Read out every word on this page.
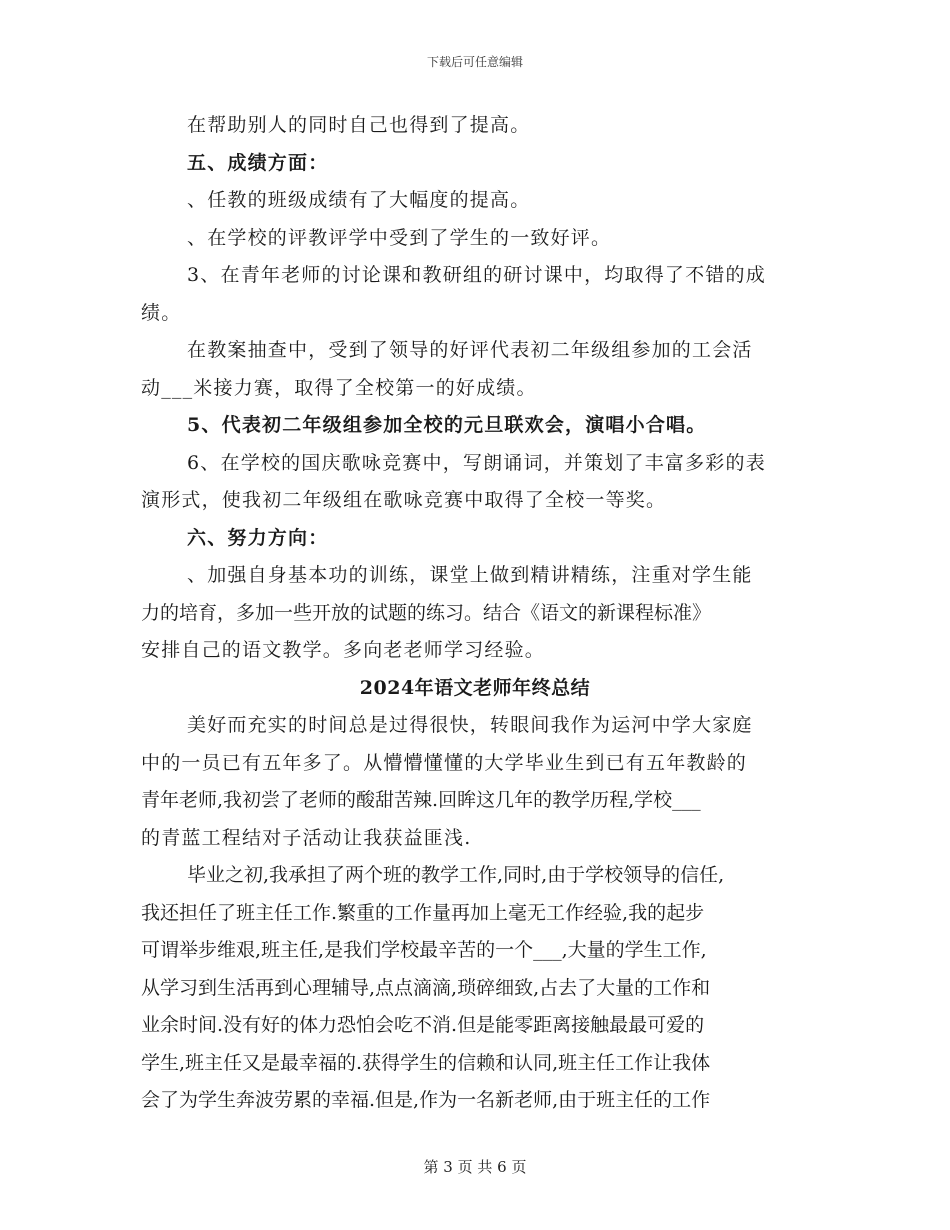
下载后可任意编辑
在帮助别人的同时自己也得到了提高。
五、成绩方面：
、任教的班级成绩有了大幅度的提高。
、在学校的评教评学中受到了学生的一致好评。
3、在青年老师的讨论课和教研组的研讨课中，均取得了不错的成
绩。
在教案抽查中，受到了领导的好评代表初二年级组参加的工会活
动___米接力赛，取得了全校第一的好成绩。
5、代表初二年级组参加全校的元旦联欢会，演唱小合唱。
6、在学校的国庆歌咏竞赛中，写朗诵词，并策划了丰富多彩的表
演形式，使我初二年级组在歌咏竞赛中取得了全校一等奖。
六、努力方向：
、加强自身基本功的训练，课堂上做到精讲精练，注重对学生能
力的培育，多加一些开放的试题的练习。结合《语文的新课程标准》
安排自己的语文教学。多向老老师学习经验。
2024年语文老师年终总结
美好而充实的时间总是过得很快，转眼间我作为运河中学大家庭
中的一员已有五年多了。从懵懵懂懂的大学毕业生到已有五年教龄的
青年老师,我初尝了老师的酸甜苦辣.回眸这几年的教学历程,学校___
的青蓝工程结对子活动让我获益匪浅.
毕业之初,我承担了两个班的教学工作,同时,由于学校领导的信任,
我还担任了班主任工作.繁重的工作量再加上毫无工作经验,我的起步
可谓举步维艰,班主任,是我们学校最辛苦的一个___,大量的学生工作,
从学习到生活再到心理辅导,点点滴滴,琐碎细致,占去了大量的工作和
业余时间.没有好的体力恐怕会吃不消.但是能零距离接触最最可爱的
学生,班主任又是最幸福的.获得学生的信赖和认同,班主任工作让我体
会了为学生奔波劳累的幸福.但是,作为一名新老师,由于班主任的工作
第 3 页 共 6 页
